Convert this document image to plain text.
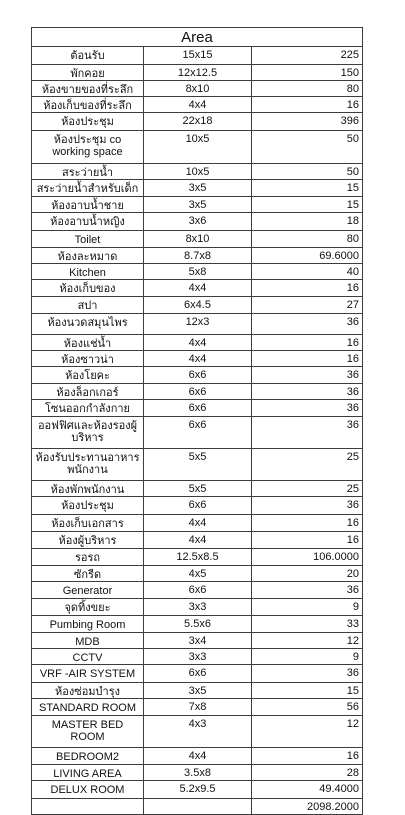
Area		
ต้อนรับ	15x15	225
พักคอย	12x12.5	150
ห้องขายของที่ระลึก	8x10	80
ห้องเก็บของที่ระลึก	4x4	16
ห้องประชุม	22x18	396
ห้องประชุม co working space	10x5	50
สระว่ายน้ำ	10x5	50
สระว่ายน้ำสำหรับเด็ก	3x5	15
ห้องอาบน้ำชาย	3x5	15
ห้องอาบน้ำหญิง	3x6	18
Toilet	8x10	80
ห้องละหมาด	8.7x8	69.6000
Kitchen	5x8	40
ห้องเก็บของ	4x4	16
สปา	6x4.5	27
ห้องนวดสมุนไพร	12x3	36
ห้องแช่น้ำ	4x4	16
ห้องซาวน่า	4x4	16
ห้องโยคะ	6x6	36
ห้องล็อกเกอร์	6x6	36
โซนออกกำลังกาย	6x6	36
ออฟฟิศและห้องรองผู้บริหาร	6x6	36
ห้องรับประทานอาหารพนักงาน	5x5	25
ห้องพักพนักงาน	5x5	25
ห้องประชุม	6x6	36
ห้องเก็บเอกสาร	4x4	16
ห้องผู้บริหาร	4x4	16
รอรถ	12.5x8.5	106.0000
ซักรีด	4x5	20
Generator	6x6	36
จุดทิ้งขยะ	3x3	9
Pumbing Room	5.5x6	33
MDB	3x4	12
CCTV	3x3	9
VRF -AIR SYSTEM	6x6	36
ห้องซ่อมบำรุง	3x5	15
STANDARD ROOM	7x8	56
MASTER BED ROOM	4x3	12
BEDROOM2	4x4	16
LIVING AREA	3.5x8	28
DELUX ROOM	5.2x9.5	49.4000
		2098.2000
